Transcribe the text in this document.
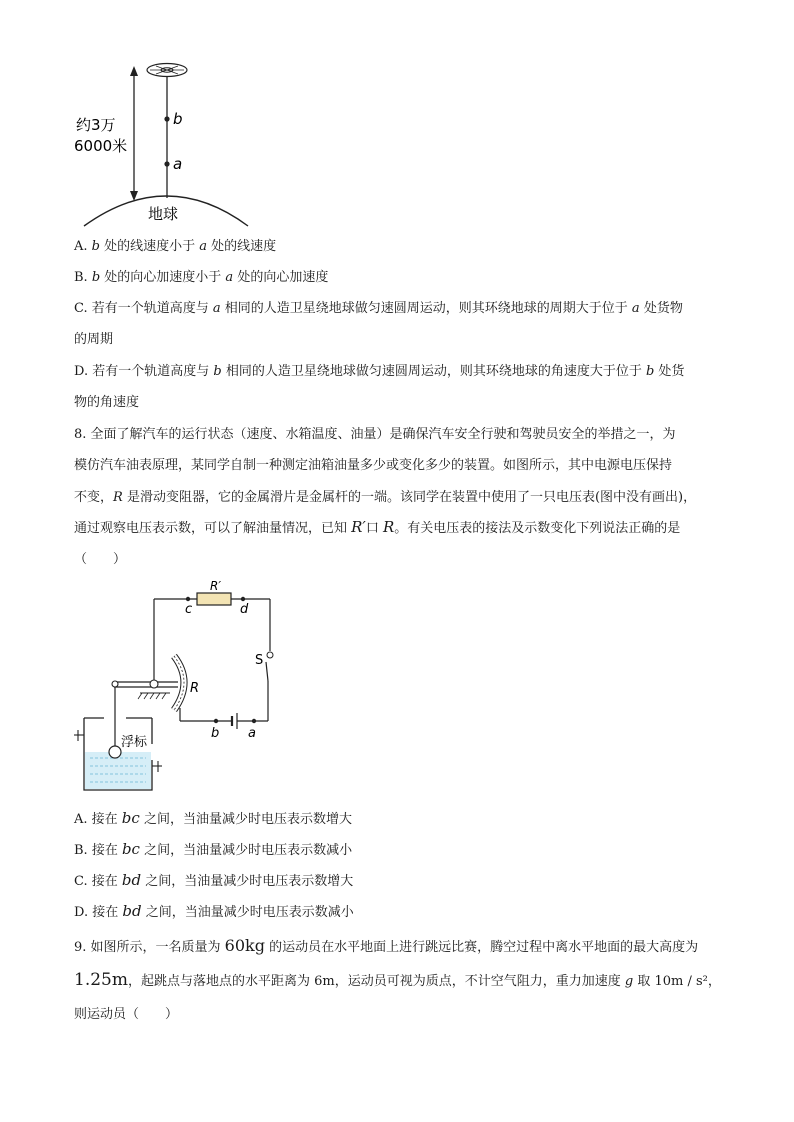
b
a
地球
约3万
6000米
A. b 处的线速度小于 a 处的线速度
B. b 处的向心加速度小于 a 处的向心加速度
C. 若有一个轨道高度与 a 相同的人造卫星绕地球做匀速圆周运动，则其环绕地球的周期大于位于 a 处货物
的周期
D. 若有一个轨道高度与 b 相同的人造卫星绕地球做匀速圆周运动，则其环绕地球的角速度大于位于 b 处货
物的角速度
8. 全面了解汽车的运行状态（速度、水箱温度、油量）是确保汽车安全行驶和驾驶员安全的举措之一，为
模仿汽车油表原理，某同学自制一种测定油箱油量多少或变化多少的装置。如图所示，其中电源电压保持
不变，R 是滑动变阻器，它的金属滑片是金属杆的一端。该同学在装置中使用了一只电压表(图中没有画出)，
通过观察电压表示数，可以了解油量情况，已知 R′口 R。有关电压表的接法及示数变化下列说法正确的是
（　　）
R′
c	d
S
b a
R
浮标
A. 接在 bc 之间，当油量减少时电压表示数增大
B. 接在 bc 之间，当油量减少时电压表示数减小
C. 接在 bd 之间，当油量减少时电压表示数增大
D. 接在 bd 之间，当油量减少时电压表示数减小
9. 如图所示，一名质量为 60kg 的运动员在水平地面上进行跳远比赛，腾空过程中离水平地面的最大高度为
1.25m，起跳点与落地点的水平距离为 6m，运动员可视为质点，不计空气阻力，重力加速度 g 取 10m / s²，
则运动员（　　）
